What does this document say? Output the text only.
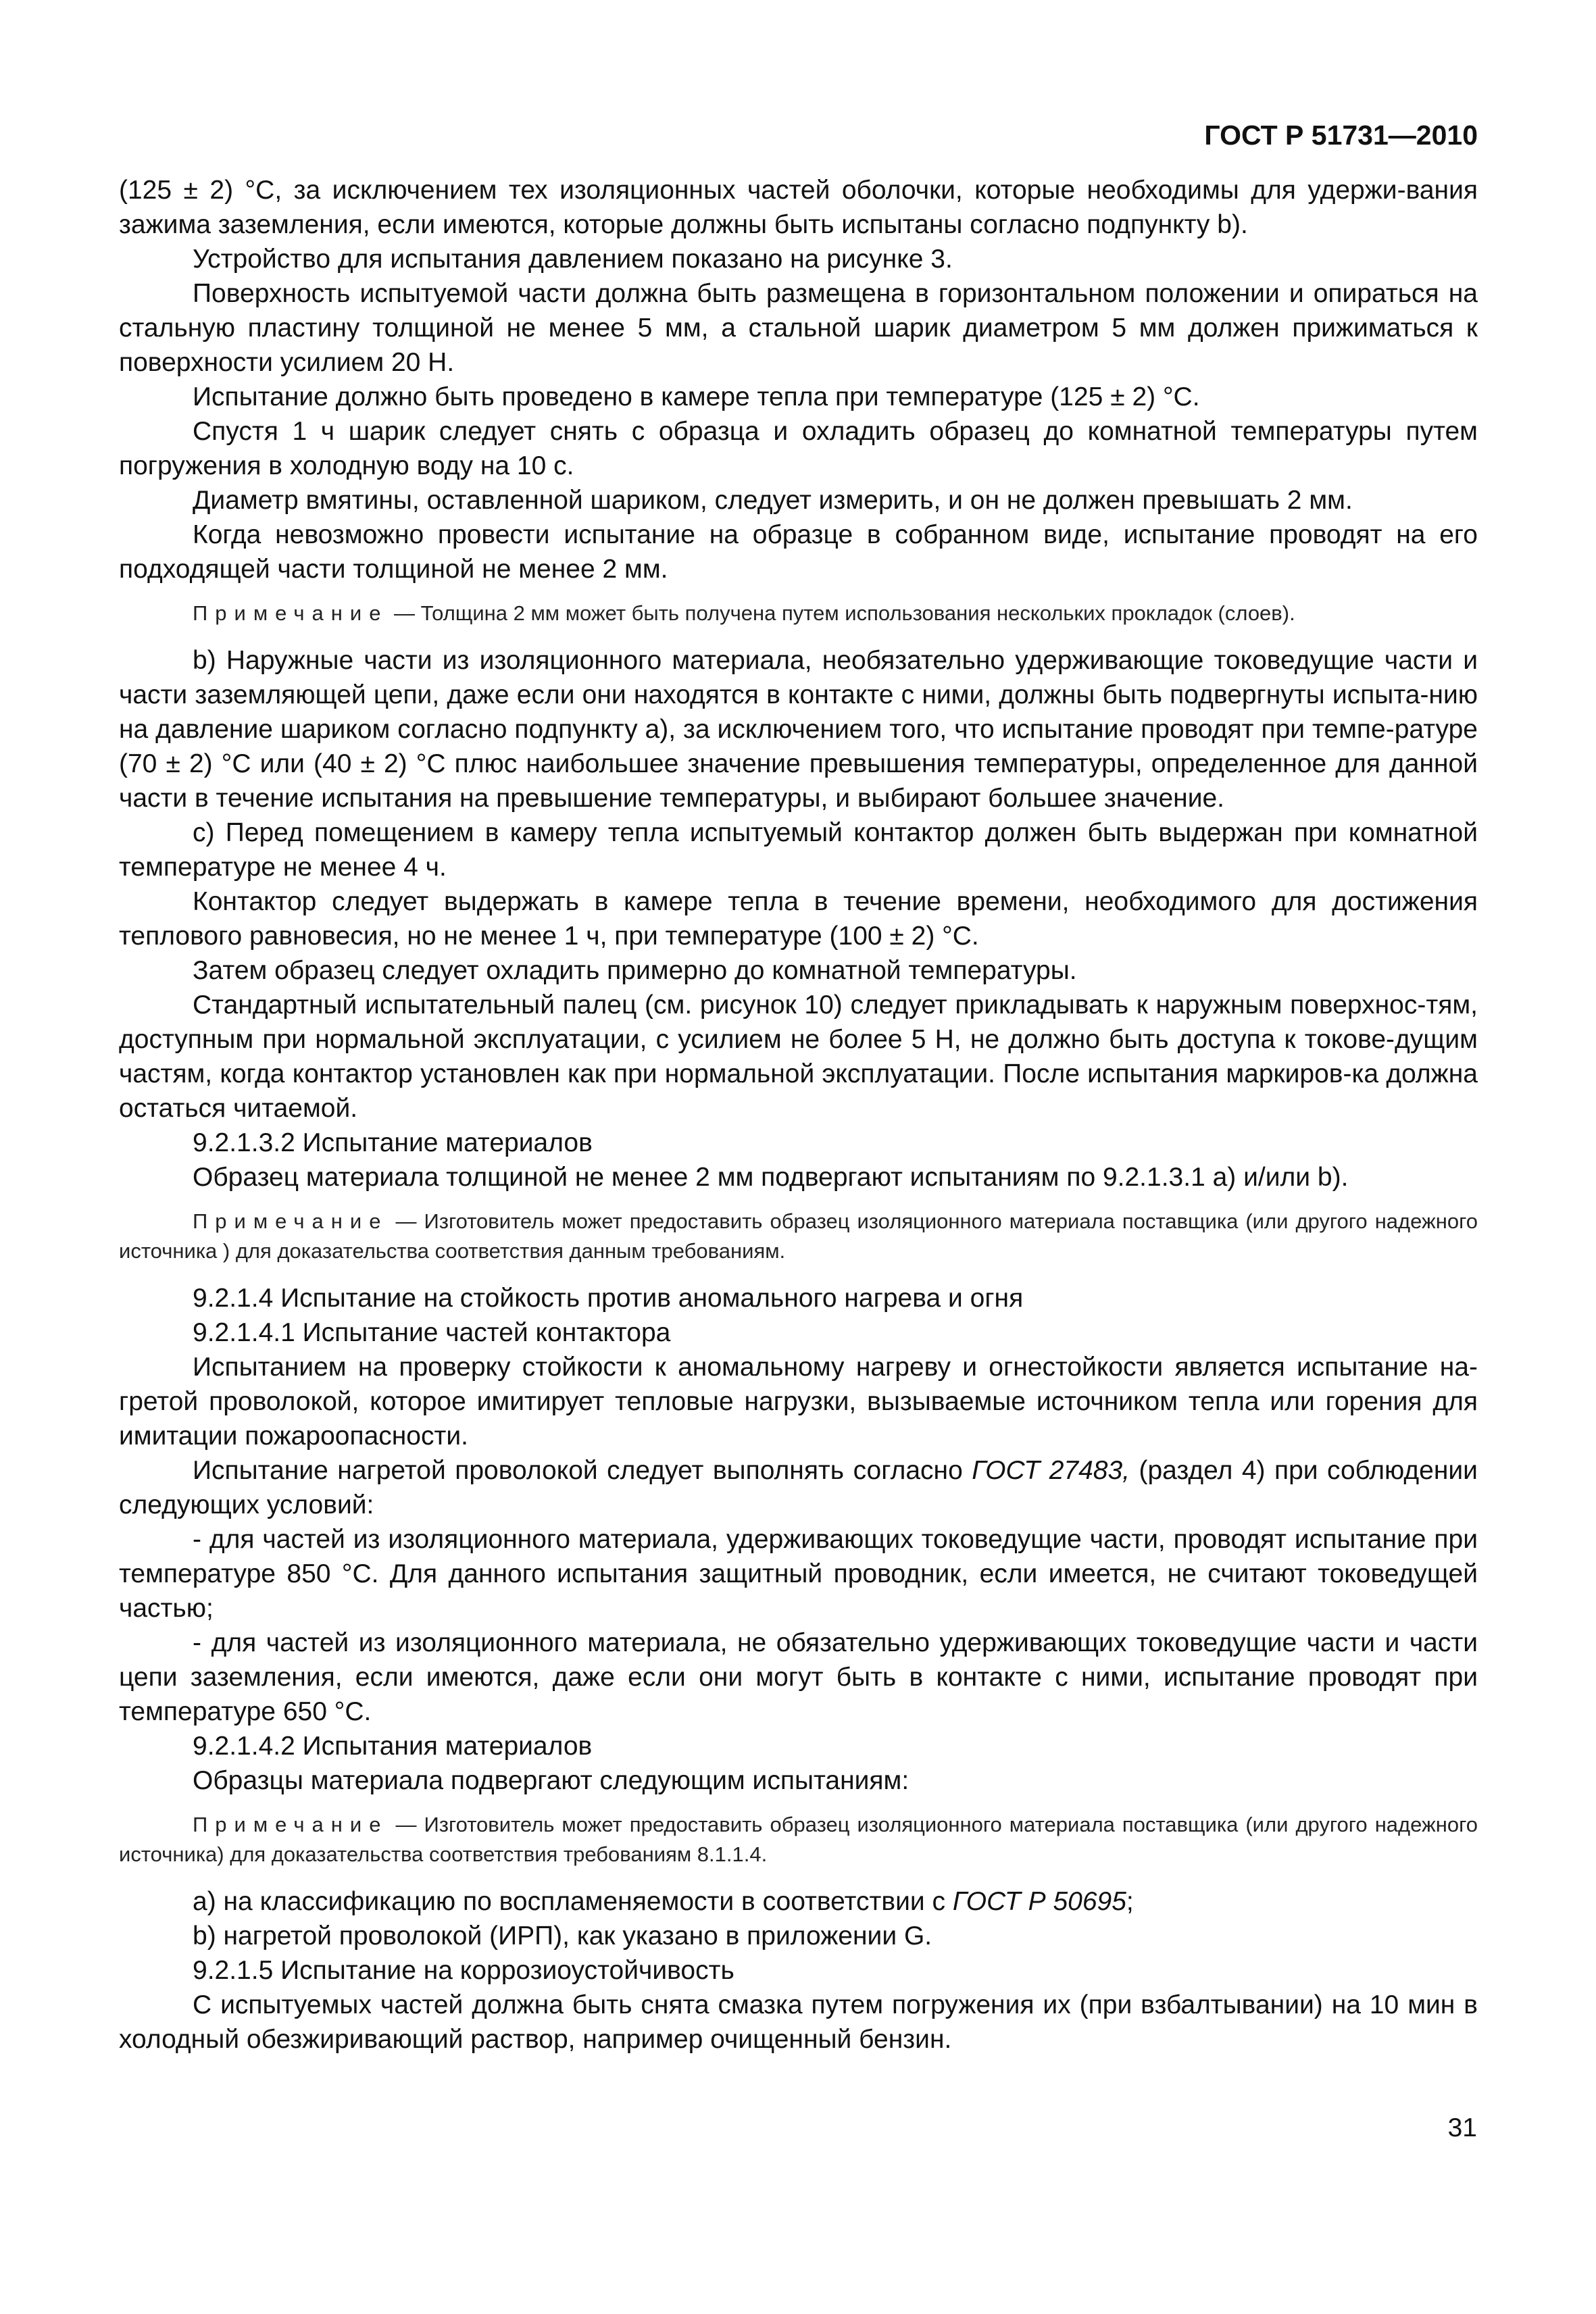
ГОСТ Р 51731—2010

(125 ± 2) °С, за исключением тех изоляционных частей оболочки, которые необходимы для удержи-вания зажима заземления, если имеются, которые должны быть испытаны согласно подпункту b).

Устройство для испытания давлением показано на рисунке 3.

Поверхность испытуемой части должна быть размещена в горизонтальном положении и опираться на стальную пластину толщиной не менее 5 мм, а стальной шарик диаметром 5 мм должен прижиматься к поверхности усилием 20 Н.

Испытание должно быть проведено в камере тепла при температуре (125 ± 2) °С.

Спустя 1 ч шарик следует снять с образца и охладить образец до комнатной температуры путем погружения в холодную воду на 10 с.

Диаметр вмятины, оставленной шариком, следует измерить, и он не должен превышать 2 мм.

Когда невозможно провести испытание на образце в собранном виде, испытание проводят на его подходящей части толщиной не менее 2 мм.

Примечание — Толщина 2 мм может быть получена путем использования нескольких прокладок (слоев).

b) Наружные части из изоляционного материала, необязательно удерживающие токоведущие части и части заземляющей цепи, даже если они находятся в контакте с ними, должны быть подвергнуты испыта-нию на давление шариком согласно подпункту а), за исключением того, что испытание проводят при темпе-ратуре (70 ± 2) °С или (40 ± 2) °С плюс наибольшее значение превышения температуры, определенное для данной части в течение испытания на превышение температуры, и выбирают большее значение.

с) Перед помещением в камеру тепла испытуемый контактор должен быть выдержан при комнатной температуре не менее 4 ч.

Контактор следует выдержать в камере тепла в течение времени, необходимого для достижения теплового равновесия, но не менее 1 ч, при температуре (100 ± 2) °С.

Затем образец следует охладить примерно до комнатной температуры.

Стандартный испытательный палец (см. рисунок 10) следует прикладывать к наружным поверхнос-тям, доступным при нормальной эксплуатации, с усилием не более 5 Н, не должно быть доступа к токове-дущим частям, когда контактор установлен как при нормальной эксплуатации. После испытания маркиров-ка должна остаться читаемой.

9.2.1.3.2 Испытание материалов

Образец материала толщиной не менее 2 мм подвергают испытаниям по 9.2.1.3.1 а) и/или b).

Примечание — Изготовитель может предоставить образец изоляционного материала поставщика (или другого надежного источника ) для доказательства соответствия данным требованиям.

9.2.1.4 Испытание на стойкость против аномального нагрева и огня

9.2.1.4.1 Испытание частей контактора

Испытанием на проверку стойкости к аномальному нагреву и огнестойкости является испытание на-гретой проволокой, которое имитирует тепловые нагрузки, вызываемые источником тепла или горения для имитации пожароопасности.

Испытание нагретой проволокой следует выполнять согласно ГОСТ 27483, (раздел 4) при соблюдении следующих условий:

- для частей из изоляционного материала, удерживающих токоведущие части, проводят испытание при температуре 850 °С. Для данного испытания защитный проводник, если имеется, не считают токоведущей частью;

- для частей из изоляционного материала, не обязательно удерживающих токоведущие части и части цепи заземления, если имеются, даже если они могут быть в контакте с ними, испытание проводят при температуре 650 °С.

9.2.1.4.2 Испытания материалов

Образцы материала подвергают следующим испытаниям:

Примечание — Изготовитель может предоставить образец изоляционного материала поставщика (или другого надежного источника) для доказательства соответствия требованиям 8.1.1.4.

а) на классификацию по воспламеняемости в соответствии с ГОСТ Р 50695;

b) нагретой проволокой (ИРП), как указано в приложении G.

9.2.1.5 Испытание на коррозиоустойчивость

С испытуемых частей должна быть снята смазка путем погружения их (при взбалтывании) на 10 мин в холодный обезжиривающий раствор, например очищенный бензин.

31
